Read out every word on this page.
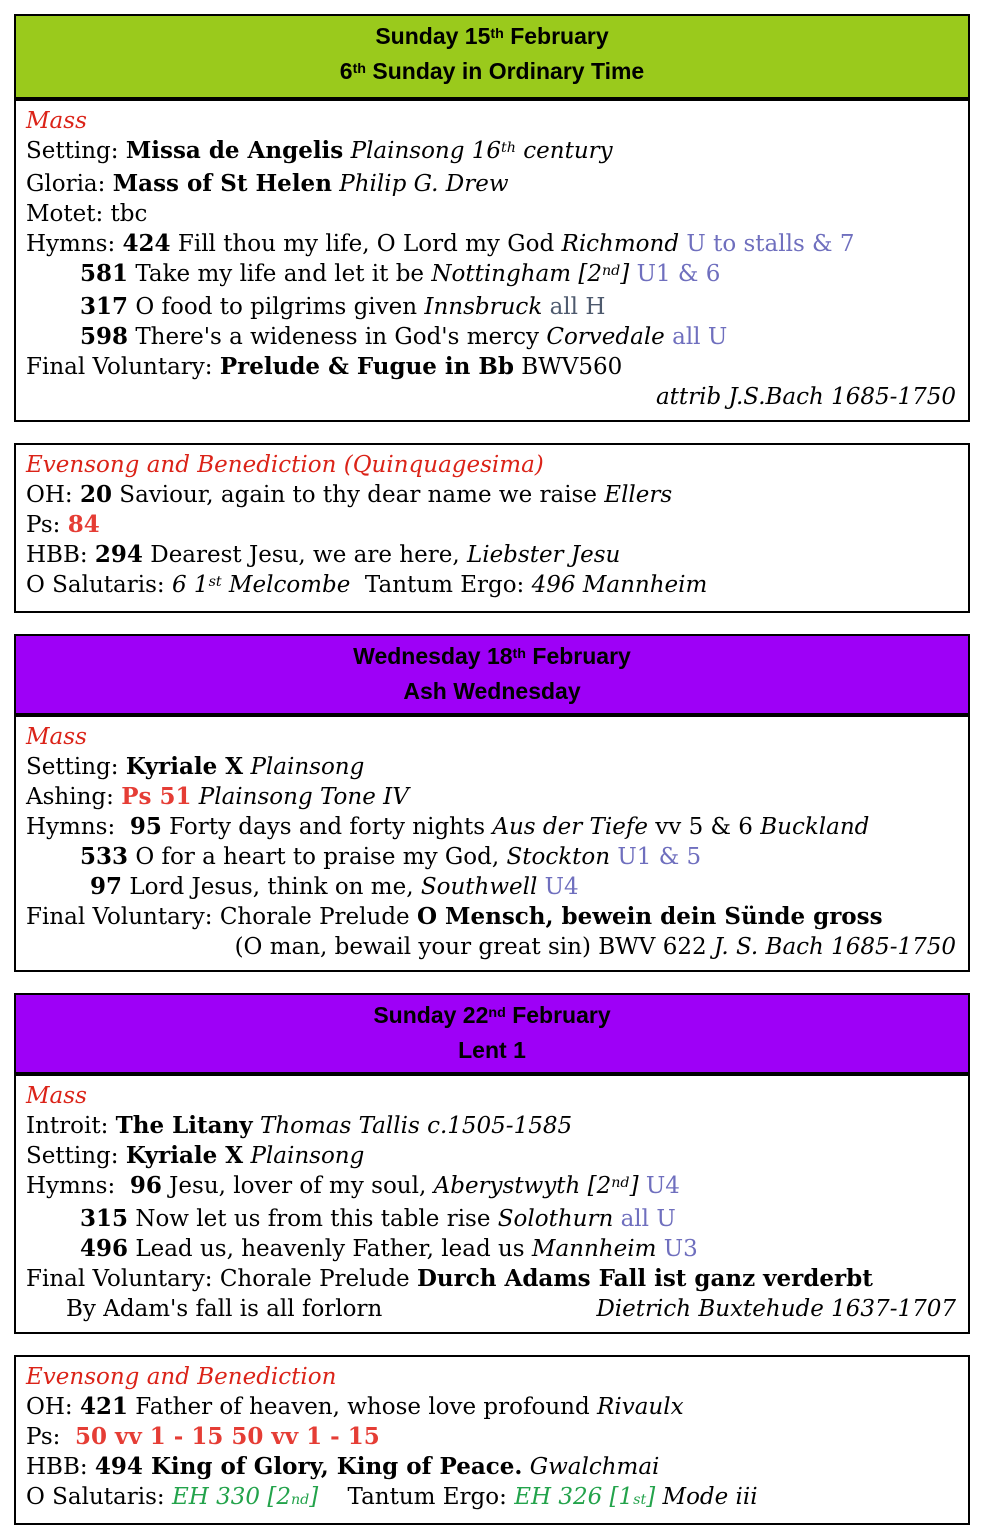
Sunday 15th February
6th Sunday in Ordinary Time
Mass
Setting: Missa de Angelis Plainsong 16th century
Gloria: Mass of St Helen Philip G. Drew
Motet: tbc
Hymns: 424 Fill thou my life, O Lord my God Richmond U to stalls & 7
581 Take my life and let it be Nottingham [2nd] U1 & 6
317 O food to pilgrims given Innsbruck all H
598 There's a wideness in God's mercy Corvedale all U
Final Voluntary: Prelude & Fugue in Bb BWV560
attrib J.S.Bach 1685-1750
Evensong and Benediction (Quinquagesima)
OH: 20 Saviour, again to thy dear name we raise Ellers
Ps: 84
HBB: 294 Dearest Jesu, we are here, Liebster Jesu
O Salutaris: 6 1st Melcombe  Tantum Ergo: 496 Mannheim
Wednesday 18th February
Ash Wednesday
Mass
Setting: Kyriale X Plainsong
Ashing: Ps 51 Plainsong Tone IV
Hymns:  95 Forty days and forty nights Aus der Tiefe vv 5 & 6 Buckland
533 O for a heart to praise my God, Stockton U1 & 5
97 Lord Jesus, think on me, Southwell U4
Final Voluntary: Chorale Prelude O Mensch, bewein dein Sünde gross
(O man, bewail your great sin) BWV 622 J. S. Bach 1685-1750
Sunday 22nd February
Lent 1
Mass
Introit: The Litany Thomas Tallis c.1505-1585
Setting: Kyriale X Plainsong
Hymns:  96 Jesu, lover of my soul, Aberystwyth [2nd] U4
315 Now let us from this table rise Solothurn all U
496 Lead us, heavenly Father, lead us Mannheim U3
Final Voluntary: Chorale Prelude Durch Adams Fall ist ganz verderbt
By Adam's fall is all forlorn	Dietrich Buxtehude 1637-1707
Evensong and Benediction
OH: 421 Father of heaven, whose love profound Rivaulx
Ps:  50 vv 1 - 15 50 vv 1 - 15
HBB: 494 King of Glory, King of Peace. Gwalchmai
O Salutaris: EH 330 [2nd]    Tantum Ergo: EH 326 [1st] Mode iii
